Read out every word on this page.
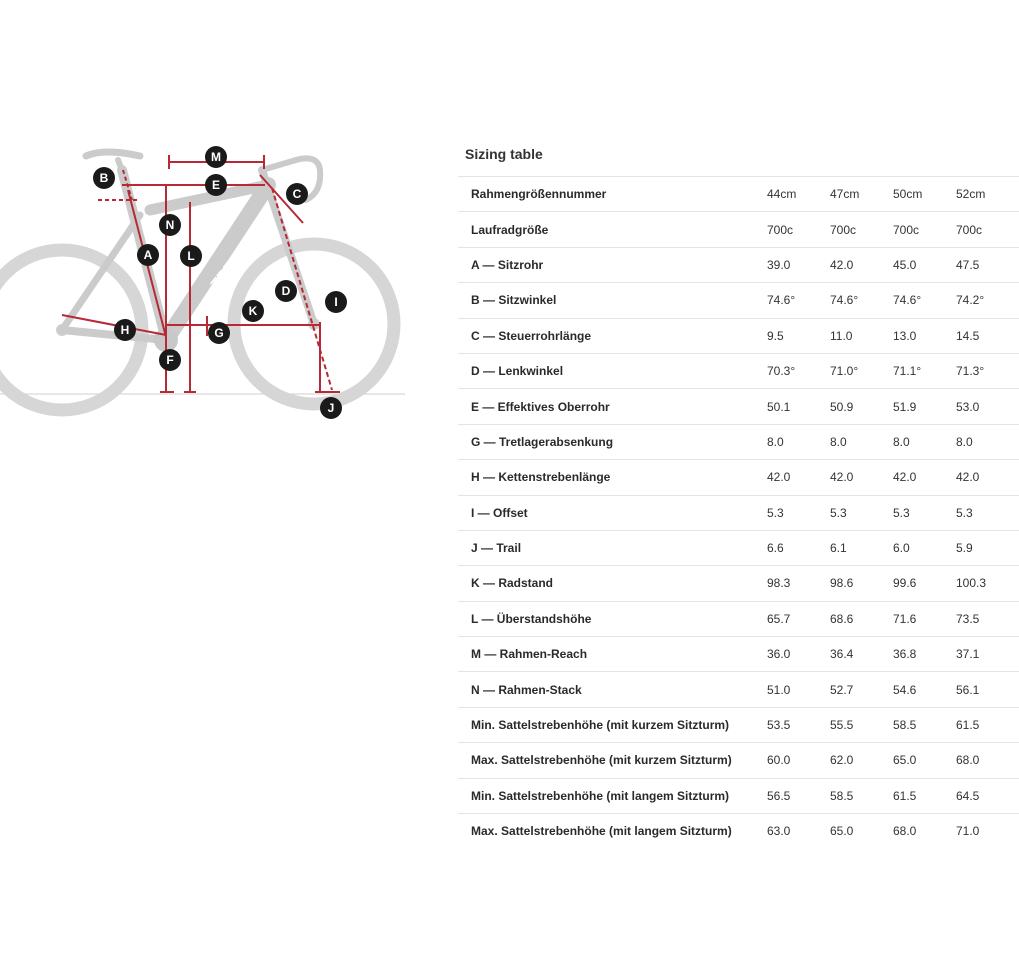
TREK
M
E
B
C
N
A	L
D
I
K
H	G
F
J
Sizing table
Rahmengrößennummer	44cm	47cm	50cm	52cm
Laufradgröße	700c	700c	700c	700c
A — Sitzrohr	39.0	42.0	45.0	47.5
B — Sitzwinkel	74.6°	74.6°	74.6°	74.2°
C — Steuerrohrlänge	9.5	11.0	13.0	14.5
D — Lenkwinkel	70.3°	71.0°	71.1°	71.3°
E — Effektives Oberrohr	50.1	50.9	51.9	53.0
G — Tretlagerabsenkung	8.0	8.0	8.0	8.0
H — Kettenstrebenlänge	42.0	42.0	42.0	42.0
I — Offset	5.3	5.3	5.3	5.3
J — Trail	6.6	6.1	6.0	5.9
K — Radstand	98.3	98.6	99.6	100.3
L — Überstandshöhe	65.7	68.6	71.6	73.5
M — Rahmen-Reach	36.0	36.4	36.8	37.1
N — Rahmen-Stack	51.0	52.7	54.6	56.1
Min. Sattelstrebenhöhe (mit kurzem Sitzturm)	53.5	55.5	58.5	61.5
Max. Sattelstrebenhöhe (mit kurzem Sitzturm)	60.0	62.0	65.0	68.0
Min. Sattelstrebenhöhe (mit langem Sitzturm)	56.5	58.5	61.5	64.5
Max. Sattelstrebenhöhe (mit langem Sitzturm)	63.0	65.0	68.0	71.0
